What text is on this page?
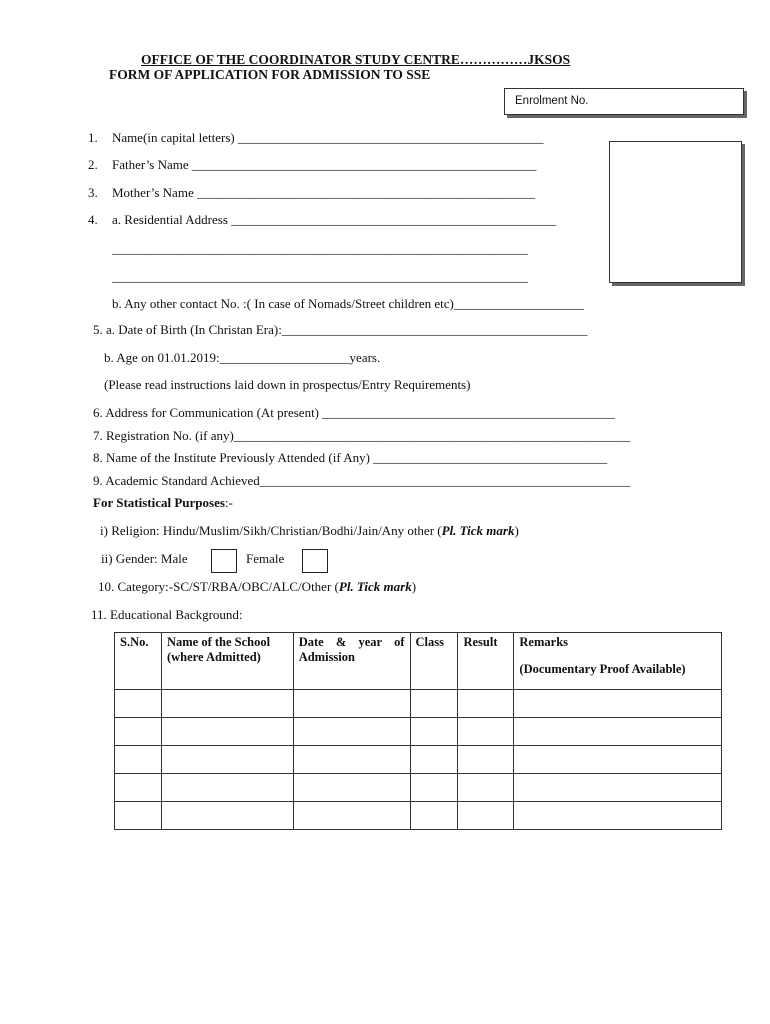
OFFICE OF THE COORDINATOR STUDY CENTRE……………JKSOS
FORM OF APPLICATION FOR ADMISSION TO SSE
Enrolment No.
1. Name(in capital letters) _______________________________________________
2. Father’s Name _____________________________________________________
3. Mother’s Name ____________________________________________________
4. a. Residential Address __________________________________________________
________________________________________________________________
________________________________________________________________
b. Any other contact No. :( In case of Nomads/Street children etc)____________________
5. a. Date of Birth (In Christan Era):_______________________________________________
b. Age on 01.01.2019:____________________years.
(Please read instructions laid down in prospectus/Entry Requirements)
6. Address for Communication (At present) _____________________________________________
7. Registration No. (if any)_____________________________________________________________
8. Name of the Institute Previously Attended (if Any) ____________________________________
9. Academic Standard Achieved_________________________________________________________
For Statistical Purposes:-
i) Religion: Hindu/Muslim/Sikh/Christian/Bodhi/Jain/Any other (Pl. Tick mark)
ii) Gender: Male	Female
10. Category:-SC/ST/RBA/OBC/ALC/Other (Pl. Tick mark)
11. Educational Background:
S.No.	Name of the School (where Admitted)	Date & year of Admission	Class	Result	Remarks
(Documentary Proof Available)
